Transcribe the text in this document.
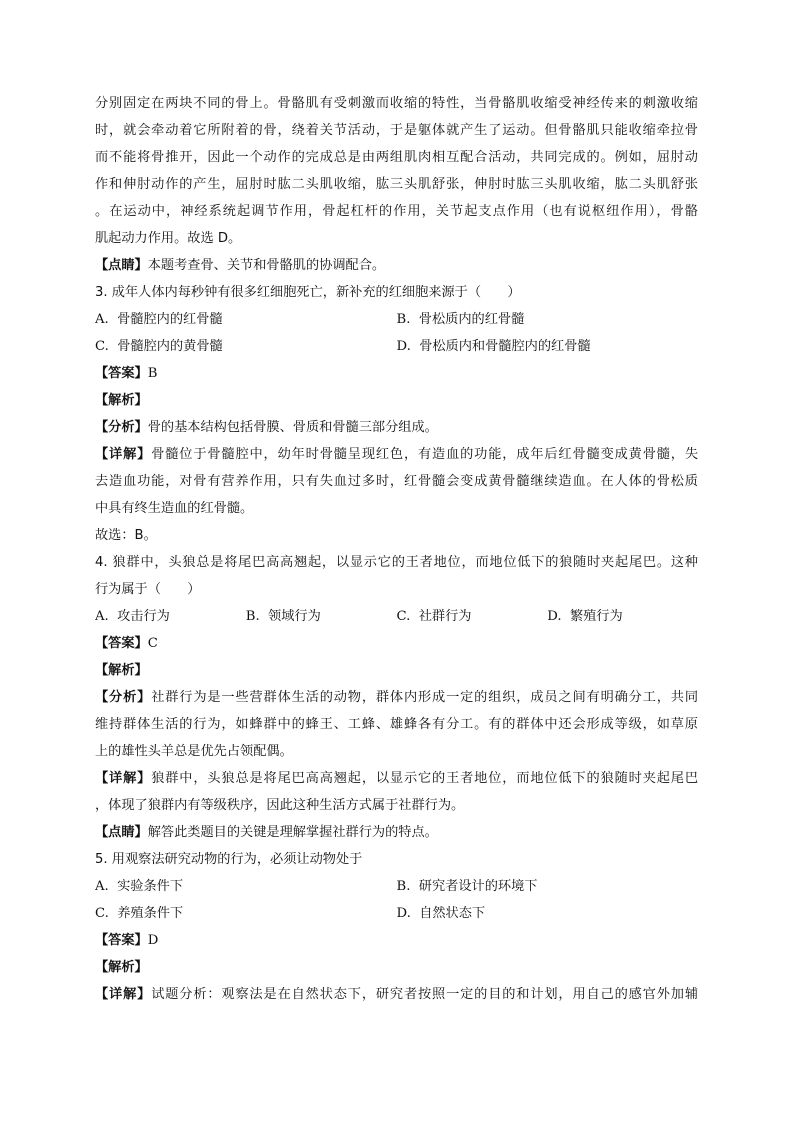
分别固定在两块不同的骨上。骨骼肌有受刺激而收缩的特性，当骨骼肌收缩受神经传来的刺激收缩
时，就会牵动着它所附着的骨，绕着关节活动，于是躯体就产生了运动。但骨骼肌只能收缩牵拉骨
而不能将骨推开，因此一个动作的完成总是由两组肌肉相互配合活动，共同完成的。例如，屈肘动
作和伸肘动作的产生，屈肘时肱二头肌收缩，肱三头肌舒张，伸肘时肱三头肌收缩，肱二头肌舒张
。在运动中，神经系统起调节作用，骨起杠杆的作用，关节起支点作用（也有说枢纽作用），骨骼
肌起动力作用。故选 D。
【点睛】本题考查骨、关节和骨骼肌的协调配合。
3. 成年人体内每秒钟有很多红细胞死亡，新补充的红细胞来源于（　　）
A. 骨髓腔内的红骨髓	B. 骨松质内的红骨髓
C. 骨髓腔内的黄骨髓	D. 骨松质内和骨髓腔内的红骨髓
【答案】B
【解析】
【分析】骨的基本结构包括骨膜、骨质和骨髓三部分组成。
【详解】骨髓位于骨髓腔中，幼年时骨髓呈现红色，有造血的功能，成年后红骨髓变成黄骨髓，失
去造血功能，对骨有营养作用，只有失血过多时，红骨髓会变成黄骨髓继续造血。在人体的骨松质
中具有终生造血的红骨髓。
故选：B。
4. 狼群中，头狼总是将尾巴高高翘起，以显示它的王者地位，而地位低下的狼随时夹起尾巴。这种
行为属于（　　）
A. 攻击行为	B. 领域行为	C. 社群行为	D. 繁殖行为
【答案】C
【解析】
【分析】社群行为是一些营群体生活的动物，群体内形成一定的组织，成员之间有明确分工，共同
维持群体生活的行为，如蜂群中的蜂王、工蜂、雄蜂各有分工。有的群体中还会形成等级，如草原
上的雄性头羊总是优先占领配偶。
【详解】狼群中，头狼总是将尾巴高高翘起，以显示它的王者地位，而地位低下的狼随时夹起尾巴
，体现了狼群内有等级秩序，因此这种生活方式属于社群行为。
【点睛】解答此类题目的关键是理解掌握社群行为的特点。
5. 用观察法研究动物的行为，必须让动物处于
A. 实验条件下	B. 研究者设计的环境下
C. 养殖条件下	D. 自然状态下
【答案】D
【解析】
【详解】试题分析：观察法是在自然状态下，研究者按照一定的目的和计划，用自己的感官外加辅
